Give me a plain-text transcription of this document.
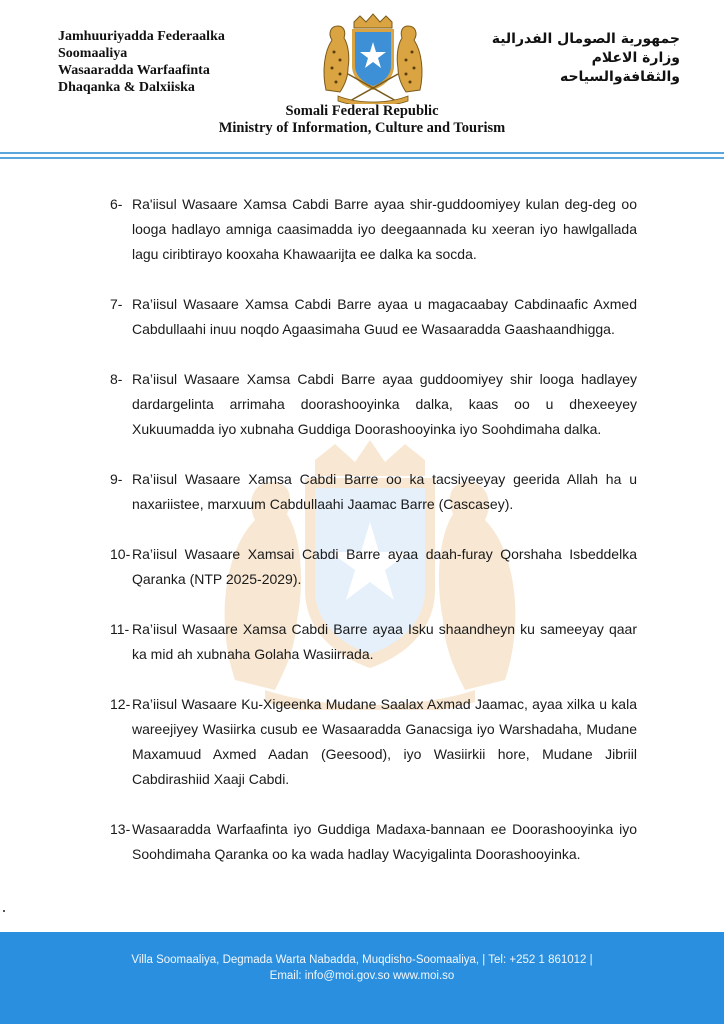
Jamhuuriyadda Federaalka
Soomaaliya
Wasaaradda Warfaafinta
Dhaqanka & Dalxiiska
جمهورية الصومال الفدرالية
وزارة الاعلام
والثقافةوالسياحه
Somali Federal Republic
Ministry of Information, Culture and Tourism
6- Ra'iisul Wasaare Xamsa Cabdi Barre ayaa shir-guddoomiyey kulan deg-deg oo looga hadlayo amniga caasimadda iyo deegaannada ku xeeran iyo hawlgallada lagu ciribtirayo kooxaha Khawaarijta ee dalka ka socda.
7- Ra’iisul Wasaare Xamsa Cabdi Barre ayaa u magacaabay Cabdinaafic Axmed Cabdullaahi inuu noqdo Agaasimaha Guud ee Wasaaradda Gaashaandhigga.
8- Ra’iisul Wasaare Xamsa Cabdi Barre ayaa guddoomiyey shir looga hadlayey dardargelinta arrimaha doorashooyinka dalka, kaas oo u dhexeeyey Xukuumadda iyo xubnaha Guddiga Doorashooyinka iyo Soohdimaha dalka.
9- Ra’iisul Wasaare Xamsa Cabdi Barre oo ka tacsiyeeyay geerida Allah ha u naxariistee, marxuum Cabdullaahi Jaamac Barre (Cascasey).
10- Ra’iisul Wasaare Xamsai Cabdi Barre ayaa daah-furay Qorshaha Isbeddelka Qaranka (NTP 2025-2029).
11- Ra’iisul Wasaare Xamsa Cabdi Barre ayaa Isku shaandheyn ku sameeyay qaar ka mid ah xubnaha Golaha Wasiirrada.
12- Ra’iisul Wasaare Ku-Xigeenka Mudane Saalax Axmad Jaamac, ayaa xilka u kala wareejiyey Wasiirka cusub ee Wasaaradda Ganacsiga iyo Warshadaha, Mudane Maxamuud Axmed Aadan (Geesood), iyo Wasiirkii hore, Mudane Jibriil Cabdirashiid Xaaji Cabdi.
13- Wasaaradda Warfaafinta iyo Guddiga Madaxa-bannaan ee Doorashooyinka iyo Soohdimaha Qaranka oo ka wada hadlay Wacyigalinta Doorashooyinka.
Villa Soomaaliya, Degmada Warta Nabadda, Muqdisho-Soomaaliya, | Tel: +252 1 861012 |
Email: info@moi.gov.so www.moi.so
